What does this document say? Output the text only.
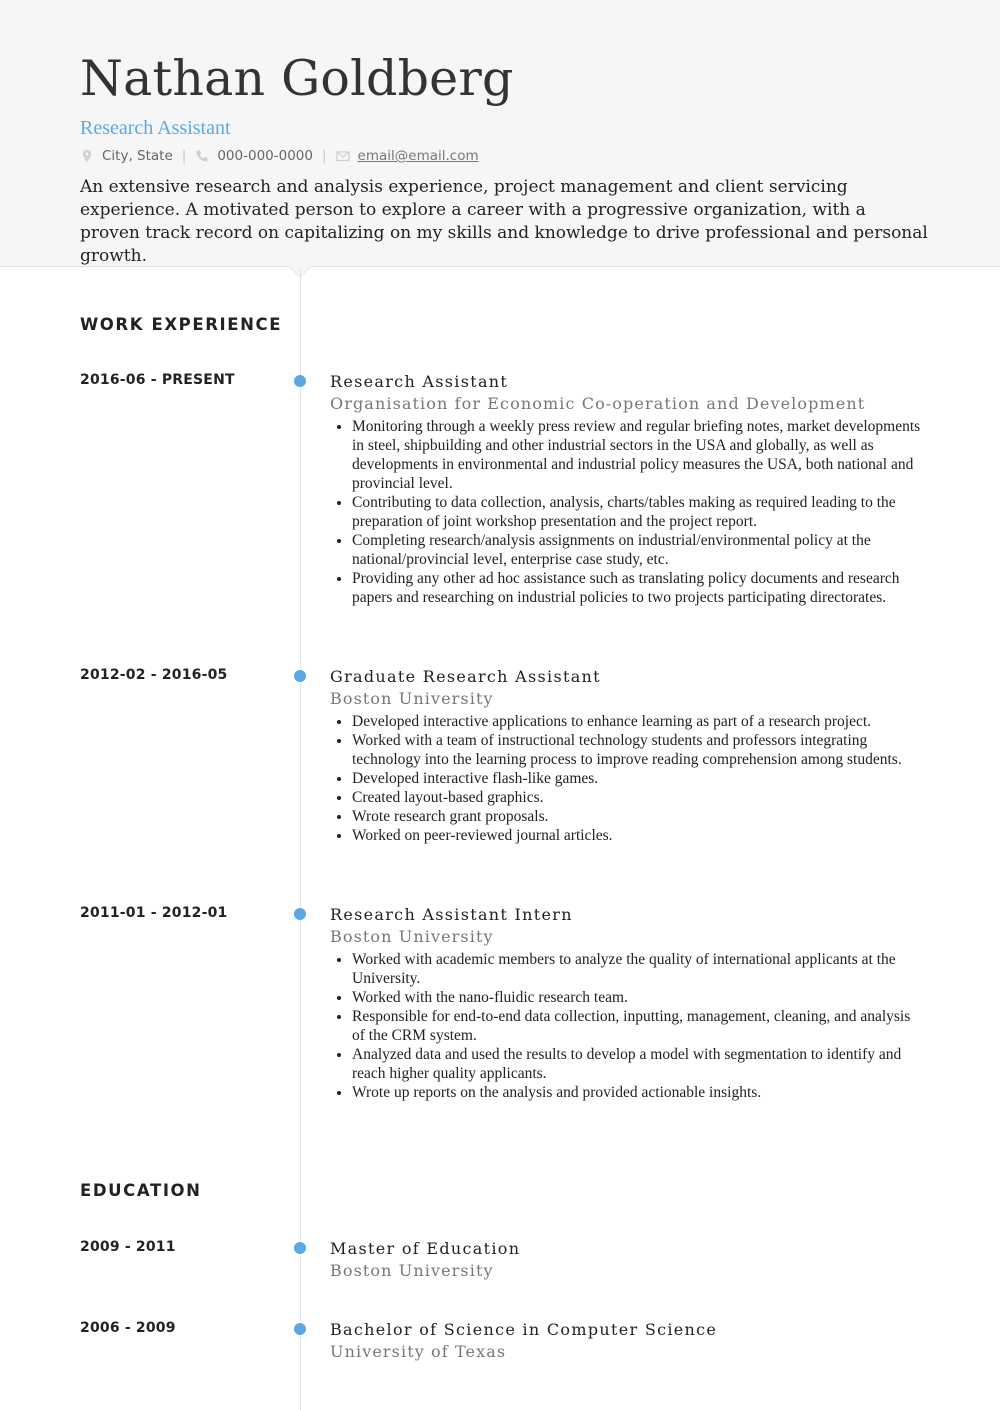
Nathan Goldberg
Research Assistant
City, State | 000-000-0000 | email@email.com
An extensive research and analysis experience, project management and client servicing experience. A motivated person to explore a career with a progressive organization, with a proven track record on capitalizing on my skills and knowledge to drive professional and personal growth.
WORK EXPERIENCE
2016-06 - PRESENT	Research Assistant
Organisation for Economic Co-operation and Development
• Monitoring through a weekly press review and regular briefing notes, market developments in steel, shipbuilding and other industrial sectors in the USA and globally, as well as developments in environmental and industrial policy measures the USA, both national and provincial level.
• Contributing to data collection, analysis, charts/tables making as required leading to the preparation of joint workshop presentation and the project report.
• Completing research/analysis assignments on industrial/environmental policy at the national/provincial level, enterprise case study, etc.
• Providing any other ad hoc assistance such as translating policy documents and research papers and researching on industrial policies to two projects participating directorates.
2012-02 - 2016-05	Graduate Research Assistant
Boston University
• Developed interactive applications to enhance learning as part of a research project.
• Worked with a team of instructional technology students and professors integrating technology into the learning process to improve reading comprehension among students.
• Developed interactive flash-like games.
• Created layout-based graphics.
• Wrote research grant proposals.
• Worked on peer-reviewed journal articles.
2011-01 - 2012-01	Research Assistant Intern
Boston University
• Worked with academic members to analyze the quality of international applicants at the University.
• Worked with the nano-fluidic research team.
• Responsible for end-to-end data collection, inputting, management, cleaning, and analysis of the CRM system.
• Analyzed data and used the results to develop a model with segmentation to identify and reach higher quality applicants.
• Wrote up reports on the analysis and provided actionable insights.
EDUCATION
2009 - 2011	Master of Education
Boston University
2006 - 2009	Bachelor of Science in Computer Science
University of Texas
